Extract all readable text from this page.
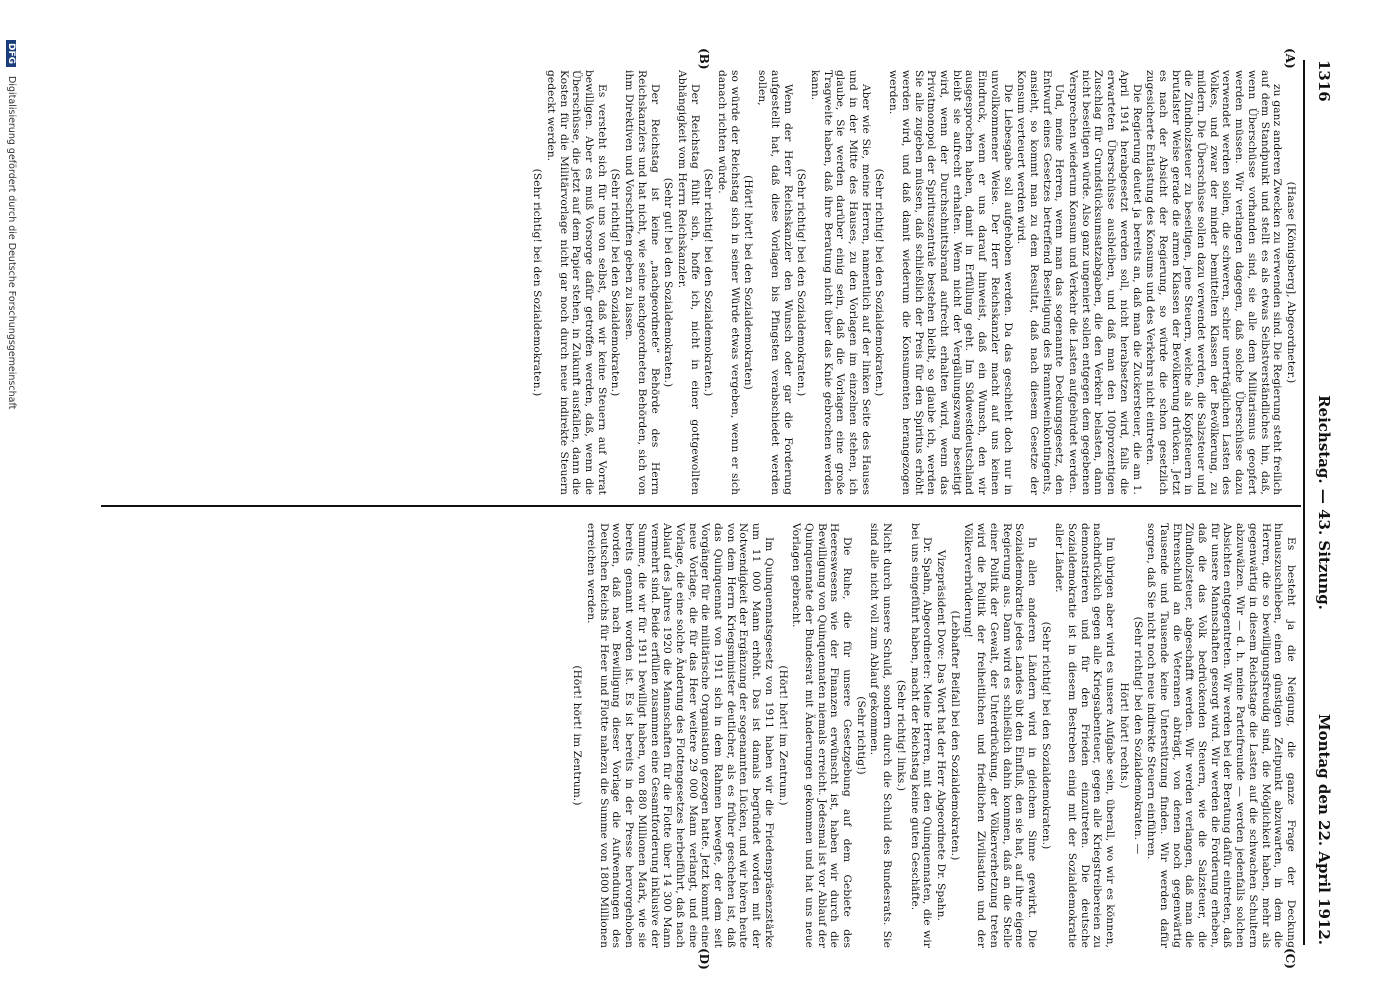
1316
Reichstag. — 43. Sitzung.
Montag den 22. April 1912.
(A)
(B)
(C)
(D)

(Haase [Königsberg], Abgeordneter.)

zu ganz anderen Zwecken zu verwenden sind. Die Regierung steht freilich auf dem Standpunkt und stellt es als etwas Selbstverständliches hin, daß, wenn Überschüsse vorhanden sind, sie alle dem Militarismus geopfert werden müssen. Wir verlangen dagegen, daß solche Überschüsse dazu verwendet werden sollen, die schweren, schier unerträglichen Lasten des Volkes, und zwar der minder bemittelten Klassen der Bevölkerung, zu mildern. Die Überschüsse sollen dazu verwendet werden, die Salzsteuer und die Zündholzsteuer zu beseitigen, jene Steuern, welche als Kopfsteuern in brutalster Weise gerade die armen Klassen der Bevölkerung drücken. Jetzt es nach der Absicht der Regierung, so würde die schon gesetzlich zugesicherte Entlastung des Konsums und des Verkehrs nicht eintreten.

Die Regierung deutet ja bereits an, daß man die Zuckersteuer, die am 1. April 1914 herabgesetzt werden soll, nicht herabsetzen wird, falls die erwarteten Überschüsse ausbleiben, und daß man den 100prozentigen Zuschlag für Grundstücksumsatzabgaben, die den Verkehr belasten, dann nicht beseitigen würde. Also ganz ungeniert sollen entgegen dem gegebenen Versprechen wiederum Konsum und Verkehr die Lasten aufgebürdet werden.

Und, meine Herren, wenn man das sogenannte Deckungsgesetz, den Entwurf eines Gesetzes betreffend Beseitigung des Branntweinkontingents, ansieht, so kommt man zu dem Resultat, daß nach diesem Gesetze der Konsum verteuert werden wird.

Die Liebesgabe soll aufgehoben werden. Da das geschieht doch nur in unvollkommener Weise. Der Herr Reichskanzler macht auf uns keinen Eindruck, wenn er uns darauf hinweist, daß ein Wunsch, den wir ausgesprochen haben, damit in Erfüllung geht. Im Südwestdeutschland bleibt sie aufrecht erhalten. Wenn nicht der Vergällungszwang beseitigt wird, wenn der Durchschnittsbrand aufrecht erhalten wird, wenn das Privatmonopol der Spirituszentrale bestehen bleibt, so glaube ich, werden Sie alle zugeben müssen, daß schließlich der Preis für den Spiritus erhöht werden wird, und daß damit wiederum die Konsumenten herangezogen werden.

(Sehr richtig! bei den Sozialdemokraten.)

Aber wie Sie, meine Herren, namentlich auf der linken Seite des Hauses und in der Mitte des Hauses, zu den Vorlagen im einzelnen stehen, ich glaube, Sie werden darüber einig sein, daß die Vorlagen eine große Tragweite haben, daß ihre Beratung nicht über das Knie gebrochen werden kann.

(Sehr richtig! bei den Sozialdemokraten.)

Wenn der Herr Reichskanzler den Wunsch oder gar die Forderung aufgestellt hat, daß diese Vorlagen bis Pfingsten verabschiedet werden sollen,

(Hört! hört! bei den Sozialdemokraten)

so würde der Reichstag sich in seiner Würde etwas vergeben, wenn er sich danach richten würde.

(Sehr richtig! bei den Sozialdemokraten.)

Der Reichstag fühlt sich, hoffe ich, nicht in einer gottgewollten Abhängigkeit vom Herrn Reichskanzler.

(Sehr gut! bei den Sozialdemokraten.)

Der Reichstag ist keine „nachgeordnete“ Behörde des Herrn Reichskanzlers und hat nicht, wie seine nachgeordneten Behörden, sich von ihm Direktiven und Vorschriften geben zu lassen.

(Sehr richtig! bei den Sozialdemokraten.)

Es versteht sich für uns von selbst, daß wir keine Steuern auf Vorrat bewilligen. Aber es muß Vorsorge dafür getroffen werden, daß, wenn die Überschüsse, die jetzt auf dem Papier stehen, in Zukunft ausfallen, dann die Kosten für die Militärvorlage nicht gar noch durch neue indirekte Steuern gedeckt werden.

(Sehr richtig! bei den Sozialdemokraten.)

Es besteht ja die Neigung, die ganze Frage der Deckung hinauszuschieben, einen günstigen Zeitpunkt abzuwarten, in dem die Herren, die so bewilligungsfreudig sind, die Möglichkeit haben, mehr als gegenwärtig in diesem Reichstage die Lasten auf die schwachen Schultern abzuwälzen. Wir — d. h. meine Parteifreunde — werden jedenfalls solchen Absichten entgegentreten. Wir werden bei der Beratung dafür eintreten, daß für unsere Mannschaften gesorgt wird. Wir werden die Forderung erheben, daß die das Volk bedrückenden Steuern, wie die Salzsteuer, die Zündholzsteuer, abgeschafft werden. Wir werden verlangen, daß man die Ehrenschuld an die Veteranen abträgt, von denen noch gegenwärtig Tausende und Tausende keine Unterstützung finden. Wir werden dafür sorgen, daß Sie nicht noch neue indirekte Steuern einführen.

(Sehr richtig! bei den Sozialdemokraten. —

Hört! hört! rechts.)

Im übrigen aber wird es unsere Aufgabe sein, überall, wo wir es können, nachdrücklich gegen alle Kriegsabenteuer, gegen alle Kriegstreibereien zu demonstrieren und für den Frieden einzutreten. Die deutsche Sozialdemokratie ist in diesem Bestreben einig mit der Sozialdemokratie aller Länder.

(Sehr richtig! bei den Sozialdemokraten.)

In allen anderen Ländern wird in gleichem Sinne gewirkt. Die Sozialdemokratie jedes Landes übt den Einfluß, den sie hat, auf ihre eigene Regierung aus. Dann wird es schließlich dahin kommen, daß an die Stelle einer Politik der Gewalt, der Unterdrückung, der Völkerverhetzung treten wird die Politik der freiheitlichen und friedlichen Zivilisation und der Völkerverbrüderung!

(Lebhafter Beifall bei den Sozialdemokraten.)

Vizepräsident Dove: Das Wort hat der Herr Abgeordnete Dr. Spahn.

Dr. Spahn, Abgeordneter: Meine Herren, mit den Quinquennaten, die wir bei uns eingeführt haben, macht der Reichstag keine guten Geschäfte.

(Sehr richtig! links.)

Nicht durch unsere Schuld, sondern durch die Schuld des Bundesrats. Sie sind alle nicht voll zum Ablauf gekommen.

(Sehr richtig!)

Die Ruhe, die für unsere Gesetzgebung auf dem Gebiete des Heereswesens wie der Finanzen erwünscht ist, haben wir durch die Bewilligung von Quinquennaten niemals erreicht. Jedesmal ist vor Ablauf der Quinquennate der Bundesrat mit Änderungen gekommen und hat uns neue Vorlagen gebracht.

(Hört! hört! im Zentrum.)

Im Quinquennatsgesetz von 1911 haben wir die Friedenspräsenzstärke um 11 000 Mann erhöht. Das ist damals begründet worden mit der Notwendigkeit der Ergänzung der sogenannten Lücken, und wir hören heute von dem Herrn Kriegsminister deutlicher, als es früher geschehen ist, daß das Quinquennat von 1911 sich in dem Rahmen bewegte, der dem seit Vorgänger für die militärische Organisation gezogen hatte. Jetzt kommt eine neue Vorlage, die für das Heer weitere 29 000 Mann verlangt, und eine Vorlage, die eine solche Änderung des Flottengesetzes herbeiführt, daß nach Ablauf des Jahres 1920 die Mannschaften für die Flotte über 14 300 Mann vermehrt sind. Beide erfüllen zusammen eine Gesamtforderung inklusive der Summe, die wir für 1911 bewilligt haben, von 880 Millionen Mark, wie sie bereits genannt worden ist. Es ist bereits in der Presse hervorgehoben worden, daß nach Bewilligung dieser Vorlage die Aufwendungen des Deutschen Reichs für Heer und Flotte nahezu die Summe von 1800 Millionen erreichen werden.

(Hört! hört! im Zentrum.)

DFG Digitalisierung gefördert durch die Deutsche Forschungsgemeinschaft
